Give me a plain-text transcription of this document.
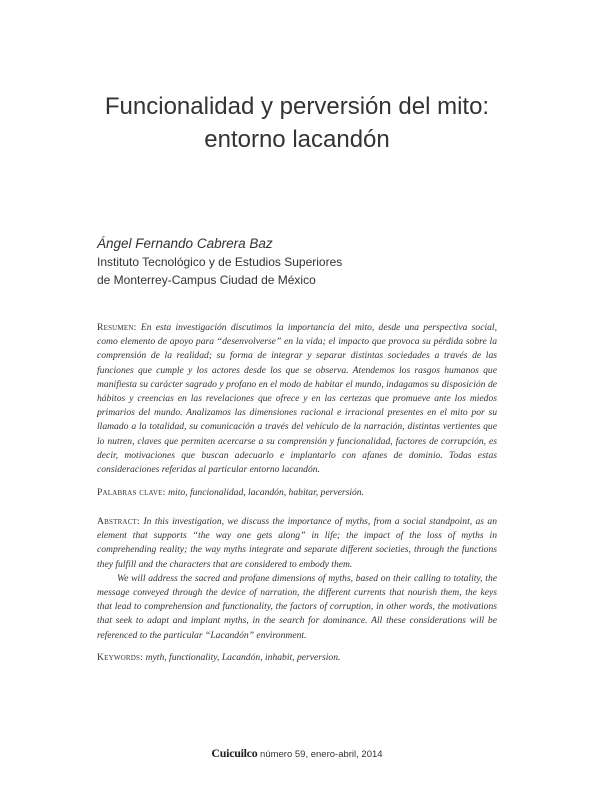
Funcionalidad y perversión del mito:
entorno lacandón
Ángel Fernando Cabrera Baz
Instituto Tecnológico y de Estudios Superiores
de Monterrey-Campus Ciudad de México
Resumen: En esta investigación discutimos la importancia del mito, desde una perspectiva social, como elemento de apoyo para “desenvolverse” en la vida; el impacto que provoca su pérdida sobre la comprensión de la realidad; su forma de integrar y separar distintas sociedades a través de las funciones que cumple y los actores desde los que se observa. Atendemos los rasgos humanos que manifiesta su carácter sagrado y profano en el modo de habitar el mundo, indagamos su disposición de hábitos y creencias en las revelaciones que ofrece y en las certezas que promueve ante los miedos primarios del mundo. Analizamos las dimensiones racional e irracional presentes en el mito por su llamado a la totalidad, su comunicación a través del vehículo de la narración, distintas vertientes que lo nutren, claves que permiten acercarse a su comprensión y funcionalidad, factores de corrupción, es decir, motivaciones que buscan adecuarlo e implantarlo con afanes de dominio. Todas estas consideraciones referidas al particular entorno lacandón.
Palabras clave: mito, funcionalidad, lacandón, habitar, perversión.
Abstract: In this investigation, we discuss the importance of myths, from a social standpoint, as an element that supports “the way one gets along” in life; the impact of the loss of myths in comprehending reality; the way myths integrate and separate different societies, through the functions they fulfill and the characters that are considered to embody them.
We will address the sacred and profane dimensions of myths, based on their calling to totality, the message conveyed through the device of narration, the different currents that nourish them, the keys that lead to comprehension and functionality, the factors of corruption, in other words, the motivations that seek to adapt and implant myths, in the search for dominance. All these considerations will be referenced to the particular “Lacandón” environment.
Keywords: myth, functionality, Lacandón, inhabit, perversion.
Cuicuilco número 59, enero-abril, 2014
